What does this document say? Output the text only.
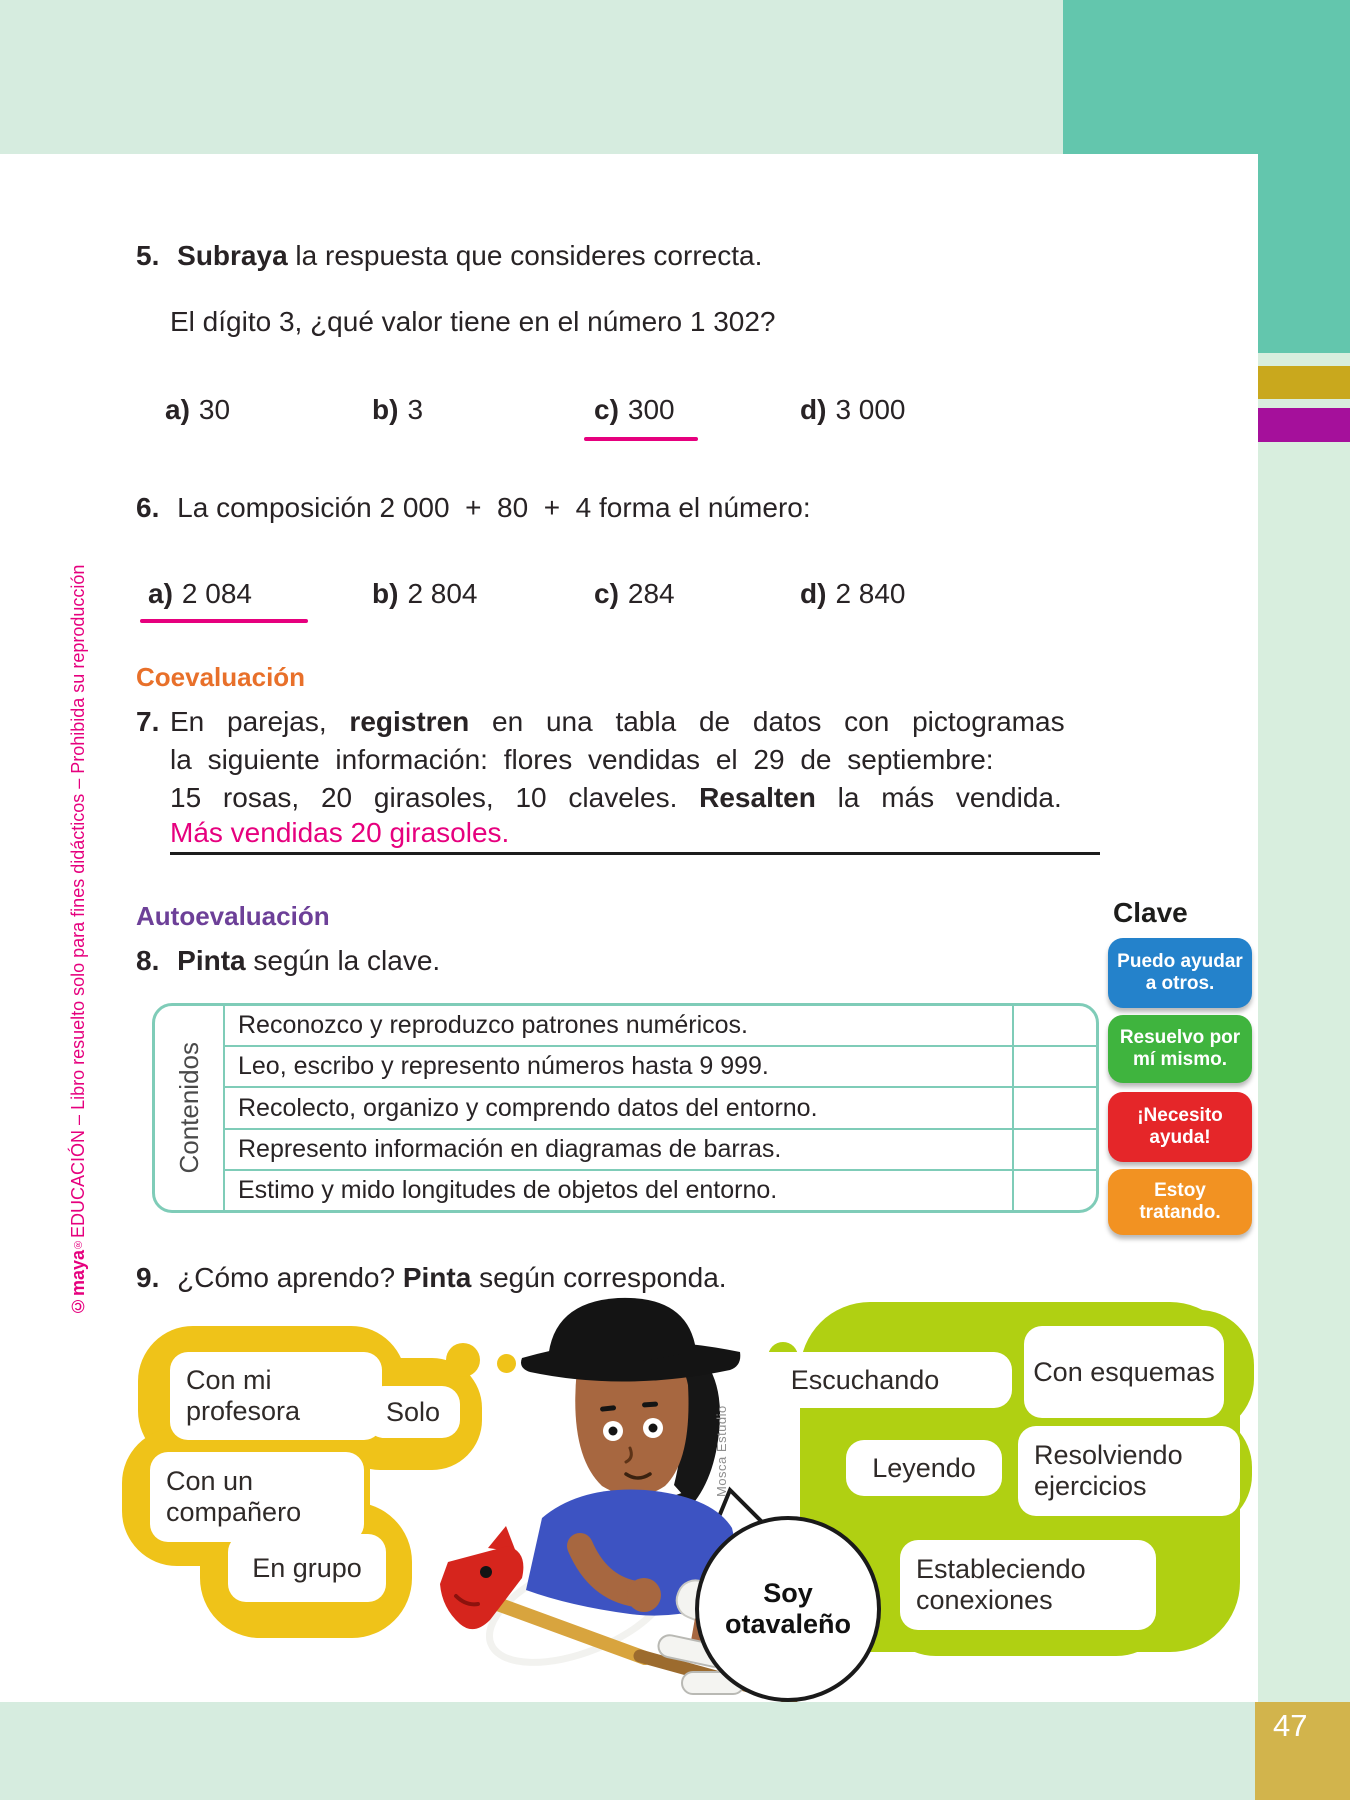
©maya®EDUCACIÓN – Libro resuelto solo para fines didácticos – Prohibida su reproducción
5. Subraya la respuesta que consideres correcta.
El dígito 3, ¿qué valor tiene en el número 1 302?
a) 30	b) 3	c) 300	d) 3 000
6. La composición 2 000  +  80  +  4 forma el número:
a) 2 084	b) 2 804	c) 284	d) 2 840
Coevaluación
7. En parejas, registren en una tabla de datos con pictogramas
la siguiente información: flores vendidas el 29 de septiembre:
15 rosas, 20 girasoles, 10 claveles. Resalten la más vendida.
Más vendidas 20 girasoles.
Autoevaluación
8. Pinta según la clave.
Contenidos
Reconozco y reproduzco patrones numéricos.
Leo, escribo y represento números hasta 9 999.
Recolecto, organizo y comprendo datos del entorno.
Represento información en diagramas de barras.
Estimo y mido longitudes de objetos del entorno.
Clave
Puedo ayudar a otros.
Resuelvo por mí mismo.
¡Necesito ayuda!
Estoy tratando.
9. ¿Cómo aprendo? Pinta según corresponda.
Con mi profesora	Solo
Con un compañero
En grupo
Escuchando	Con esquemas
Leyendo	Resolviendo ejercicios
Estableciendo conexiones
Soy
otavaleño
Mosca Estudio
47
